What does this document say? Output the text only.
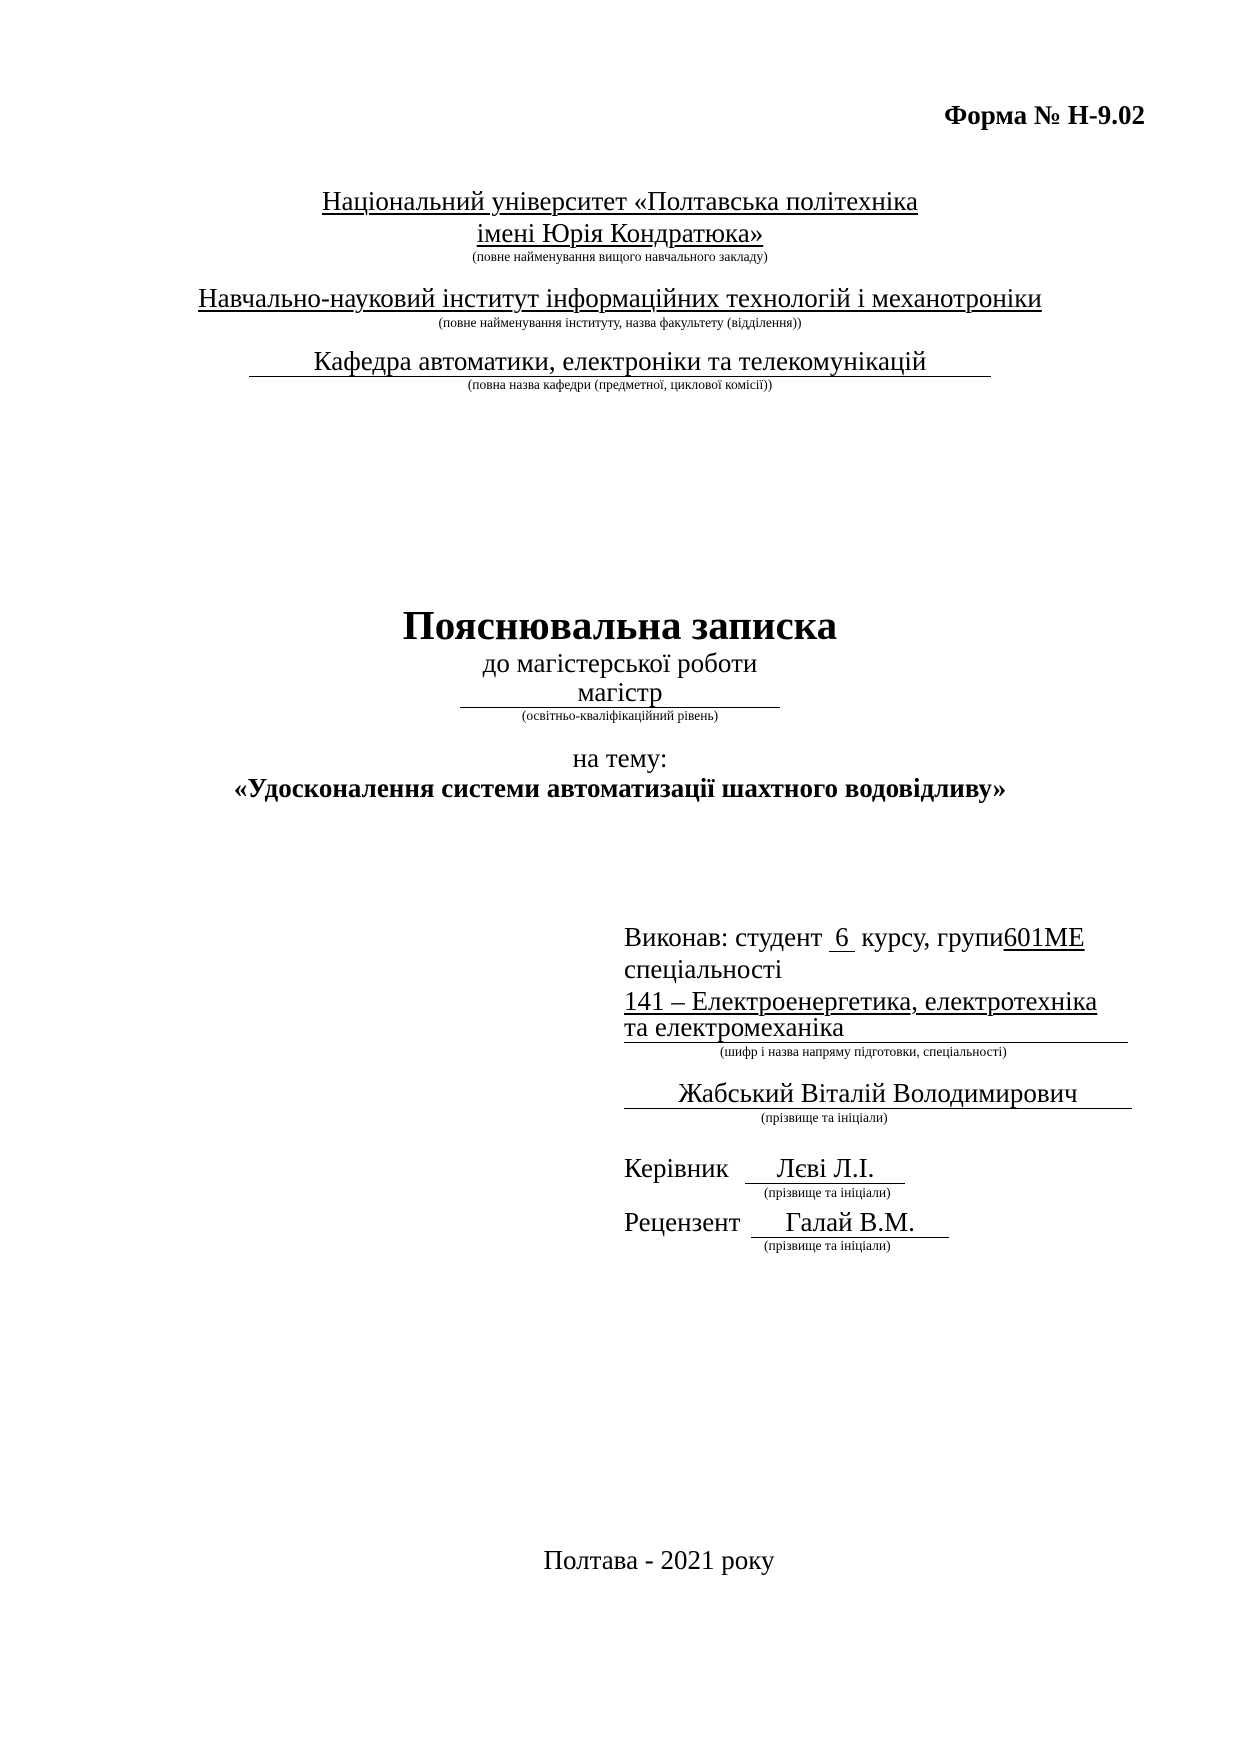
Форма № Н-9.02
Національний університет «Полтавська політехніка
імені Юрія Кондратюка»
(повне найменування вищого навчального закладу)
Навчально-науковий інститут інформаційних технологій і механотроніки
(повне найменування інституту, назва факультету (відділення))
Кафедра автоматики, електроніки та телекомунікацій
(повна назва кафедри (предметної, циклової комісії))
Пояснювальна записка
до магістерської роботи
магістр
(освітньо-кваліфікаційний рівень)
на тему:
«Удосконалення системи автоматизації шахтного водовідливу»
Виконав: студент 6 курсу, групи601МЕ
спеціальності
141 – Електроенергетика, електротехніка
та електромеханіка
(шифр і назва напряму підготовки, спеціальності)
Жабський Віталій Володимирович
(прізвище та ініціали)
Керівник Лєві Л.І.
(прізвище та ініціали)
Рецензент Галай В.М.
(прізвище та ініціали)
Полтава - 2021 року
